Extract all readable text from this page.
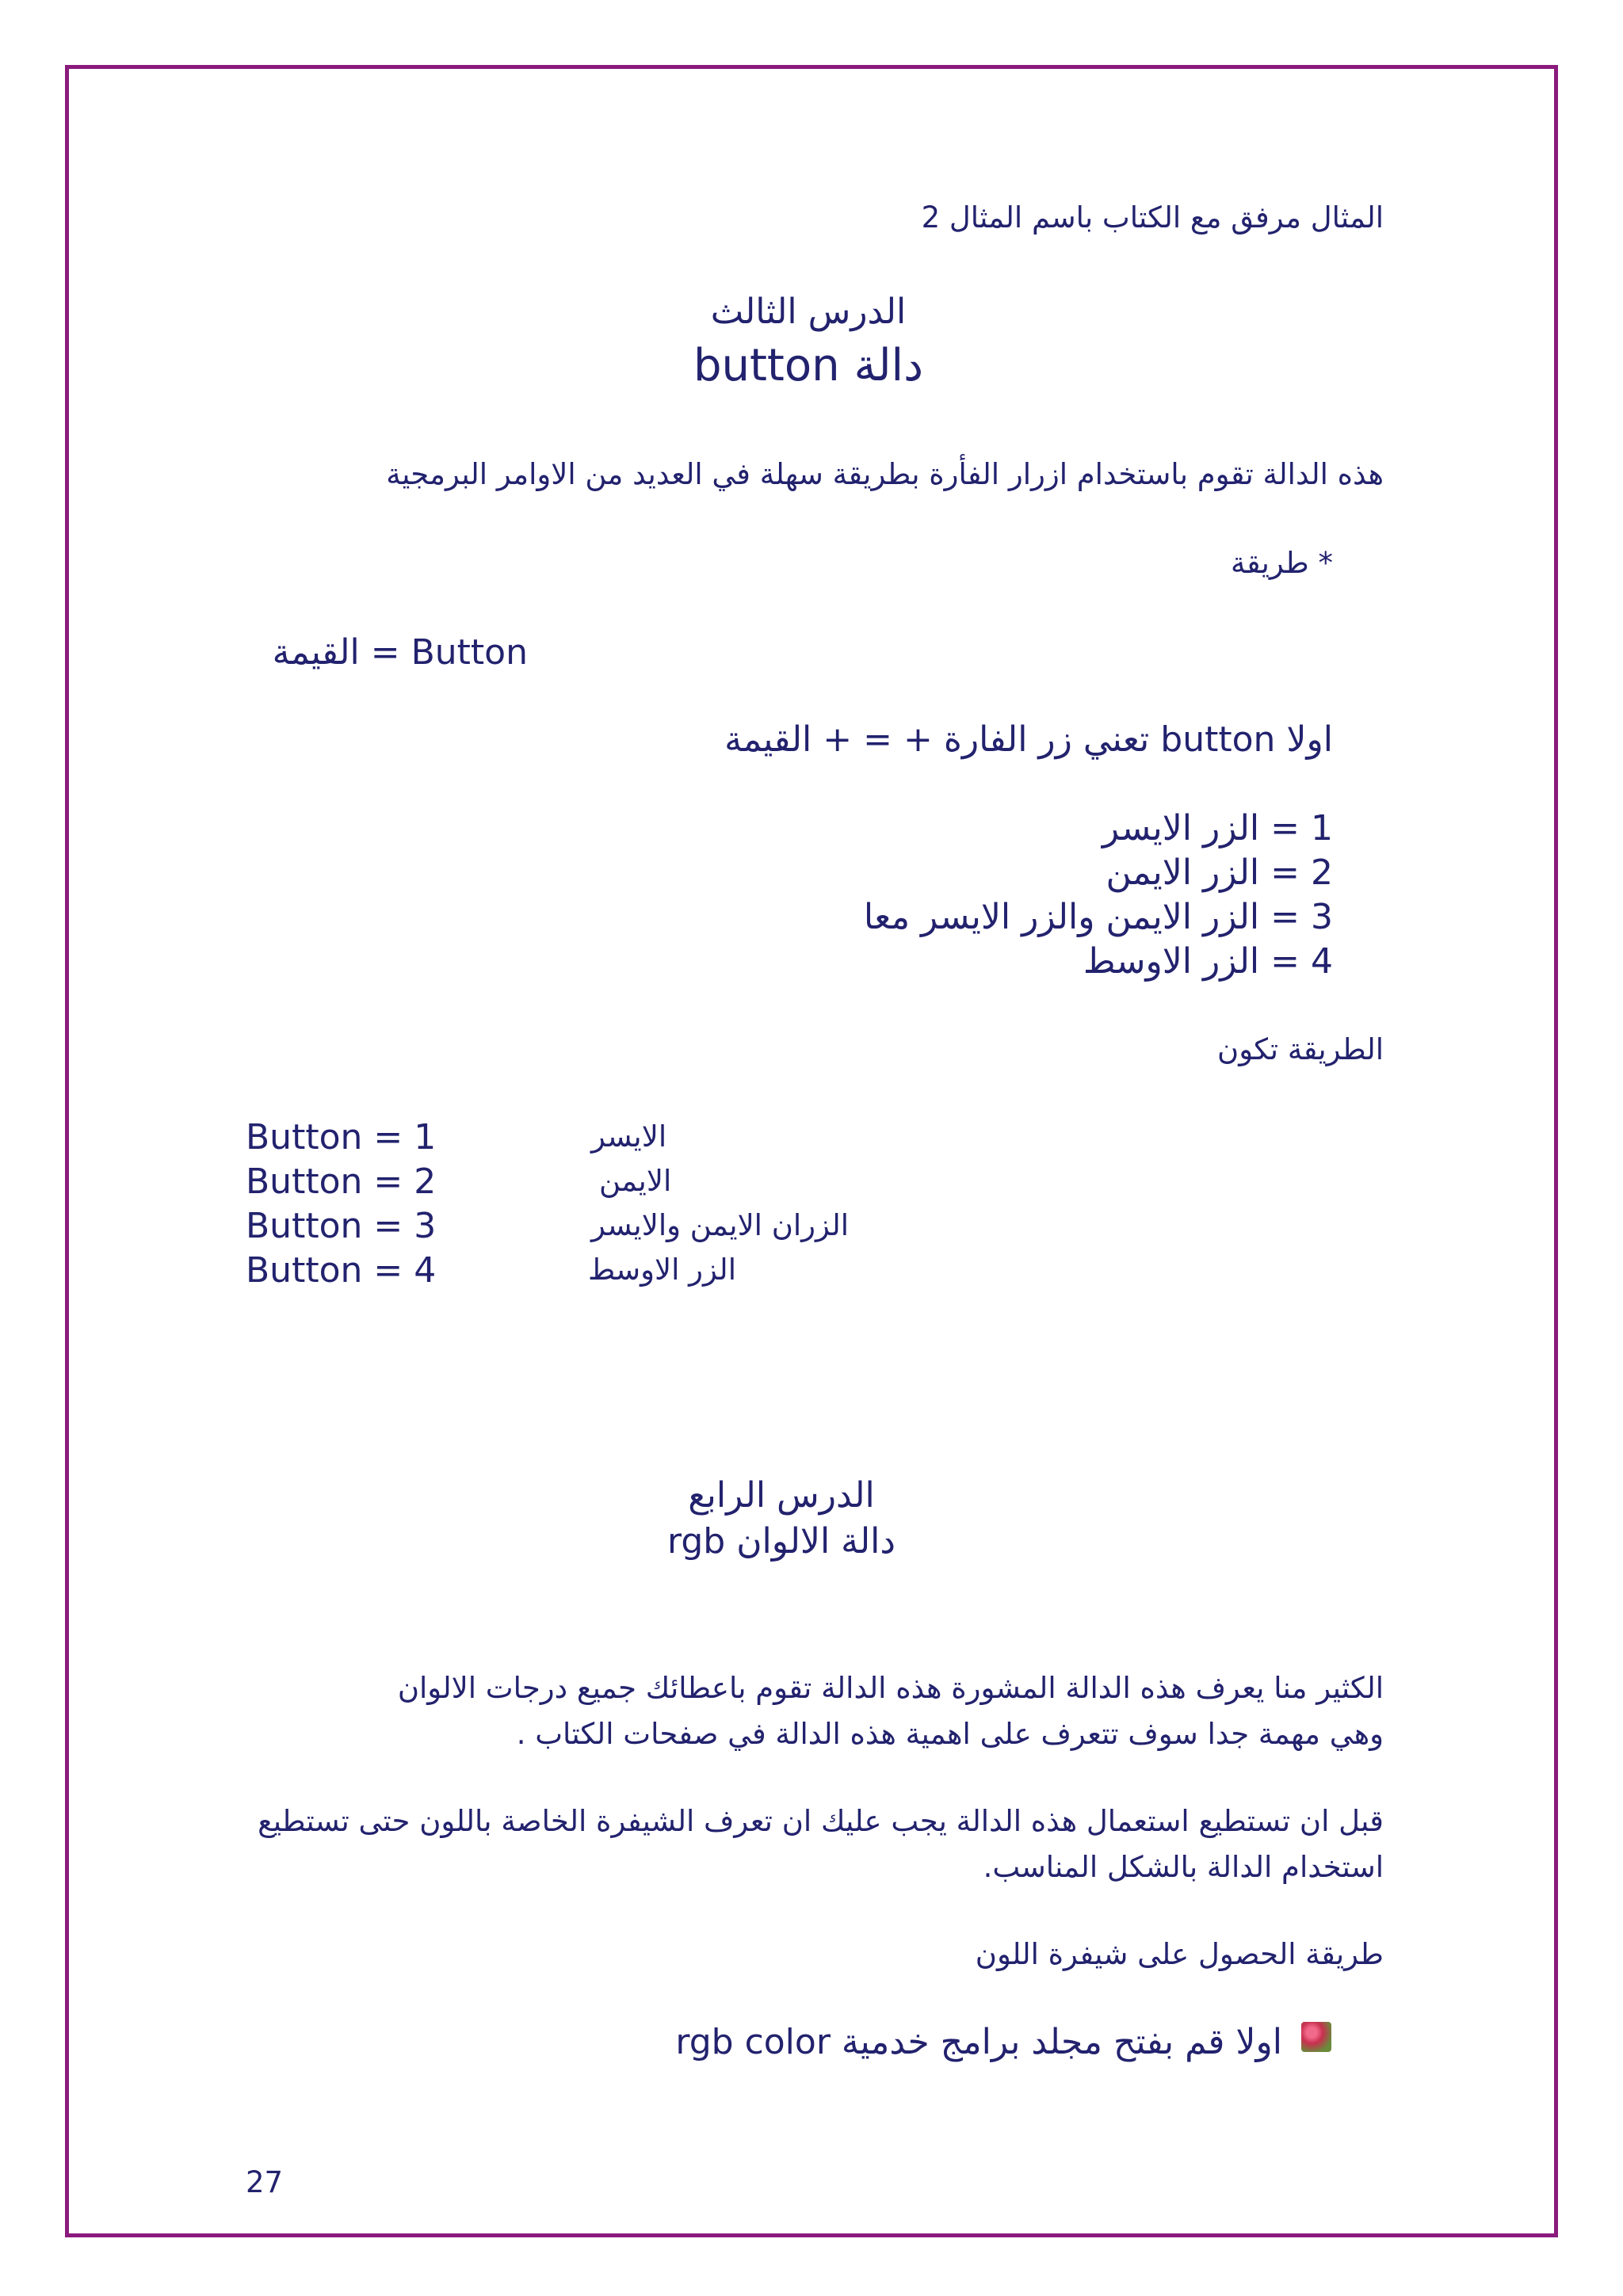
المثال مرفق مع الكتاب باسم المثال 2

الدرس الثالث

دالة button

هذه الدالة تقوم باستخدام ازرار الفأرة بطريقة سهلة في العديد من الاوامر البرمجية

* طريقة

Button = القيمة

اولا button تعني زر الفارة + = + القيمة

1 = الزر الايسر

2 = الزر الايمن

3 = الزر الايمن والزر الايسر معا

4 = الزر الاوسط

الطريقة تكون

Button = 1	الايسر

Button = 2	الايمن

Button = 3	الزران الايمن والايسر

Button = 4	الزر الاوسط

الدرس الرابع

دالة الالوان rgb

الكثير منا يعرف هذه الدالة المشورة هذه الدالة تقوم باعطائك جميع درجات الالوان

وهي مهمة جدا سوف تتعرف على اهمية هذه الدالة في صفحات الكتاب .

قبل ان تستطيع استعمال هذه الدالة يجب عليك ان تعرف الشيفرة الخاصة باللون حتى تستطيع

استخدام الدالة بالشكل المناسب.

طريقة الحصول على شيفرة اللون

اولا قم بفتح مجلد برامج خدمية rgb color

27
